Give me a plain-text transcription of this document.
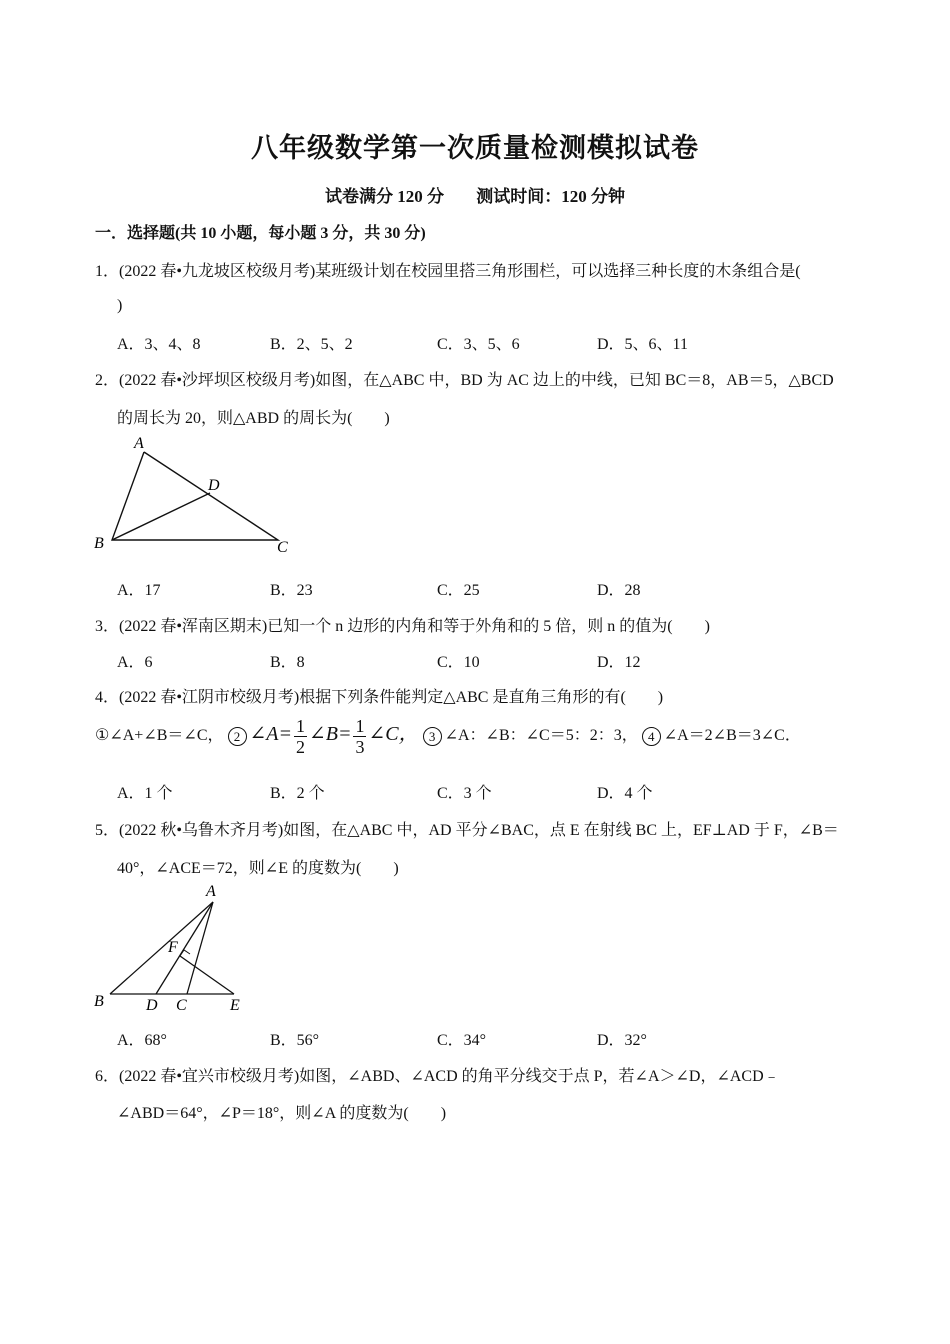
八年级数学第一次质量检测模拟试卷
试卷满分 120 分 测试时间：120 分钟
一．选择题(共 10 小题，每小题 3 分，共 30 分)
1．(2022 春•九龙坡区校级月考)某班级计划在校园里搭三角形围栏，可以选择三种长度的木条组合是(
)
A．3、4、8	B．2、5、2	C．3、5、6	D．5、6、11
2．(2022 春•沙坪坝区校级月考)如图，在△ABC 中，BD 为 AC 边上的中线，已知 BC＝8，AB＝5，△BCD
的周长为 20，则△ABD 的周长为(　　)
A
B	C
D
A．17	B．23	C．25	D．28
3．(2022 春•浑南区期末)已知一个 n 边形的内角和等于外角和的 5 倍，则 n 的值为(　　)
A．6	B．8	C．10	D．12
4．(2022 春•江阴市校级月考)根据下列条件能判定△ABC 是直角三角形的有(　　)
①∠A+∠B＝∠C， 2 ∠A= $\frac{1}{2}$ ∠B= $\frac{1}{3}$ ∠C， 3 ∠A：∠B：∠C＝5：2：3， 4 ∠A＝2∠B＝3∠C．
A．1 个	B．2 个	C．3 个	D．4 个
5．(2022 秋•乌鲁木齐月考)如图，在△ABC 中，AD 平分∠BAC，点 E 在射线 BC 上，EF⊥AD 于 F，∠B＝
40°，∠ACE＝72，则∠E 的度数为(　　)
A
B	D C	E
F
A．68°	B．56°	C．34°	D．32°
6．(2022 春•宜兴市校级月考)如图，∠ABD、∠ACD 的角平分线交于点 P，若∠A＞∠D，∠ACD﹣
∠ABD＝64°，∠P＝18°，则∠A 的度数为(　　)
